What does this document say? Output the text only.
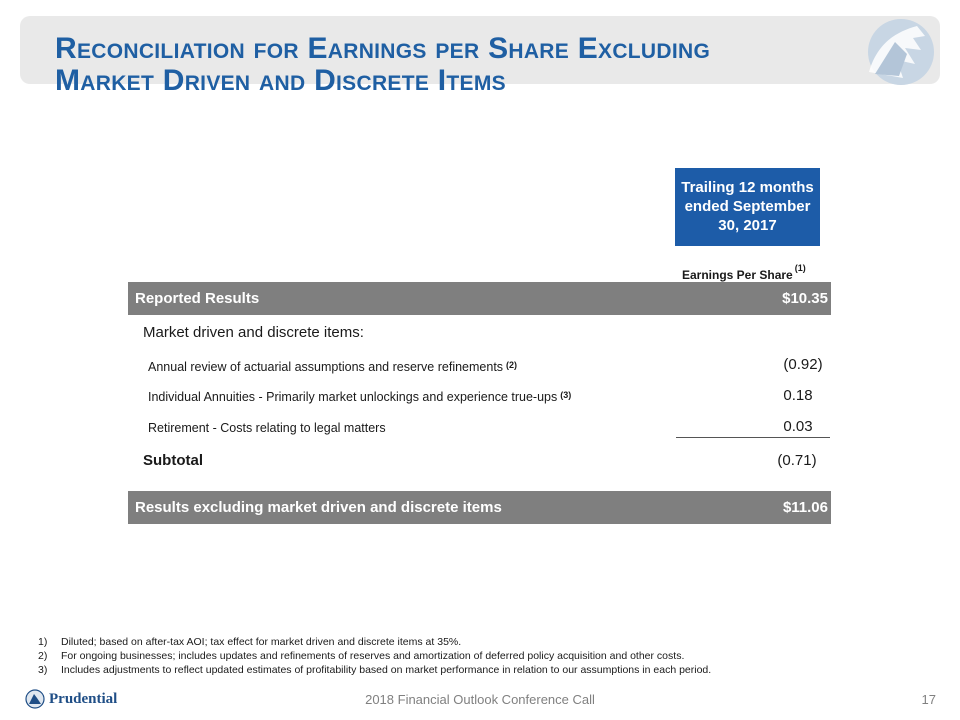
Reconciliation for Earnings per Share Excluding
Market Driven and Discrete Items
Trailing 12 months
ended September
30, 2017
Earnings Per Share $^{(1)}$
Reported Results	$10.35
Market driven and discrete items:
Annual review of actuarial assumptions and reserve refinements $^{(2)}$	(0.92)
Individual Annuities - Primarily market unlockings and experience true-ups $^{(3)}$	0.18
Retirement - Costs relating to legal matters	0.03
Subtotal	(0.71)
Results excluding market driven and discrete items	$11.06
1)	Diluted; based on after-tax AOI; tax effect for market driven and discrete items at 35%.
2)	For ongoing businesses; includes updates and refinements of reserves and amortization of deferred policy acquisition and other costs.
3)	Includes adjustments to reflect updated estimates of profitability based on market performance in relation to our assumptions in each period.
Prudential	2018 Financial Outlook Conference Call	17
